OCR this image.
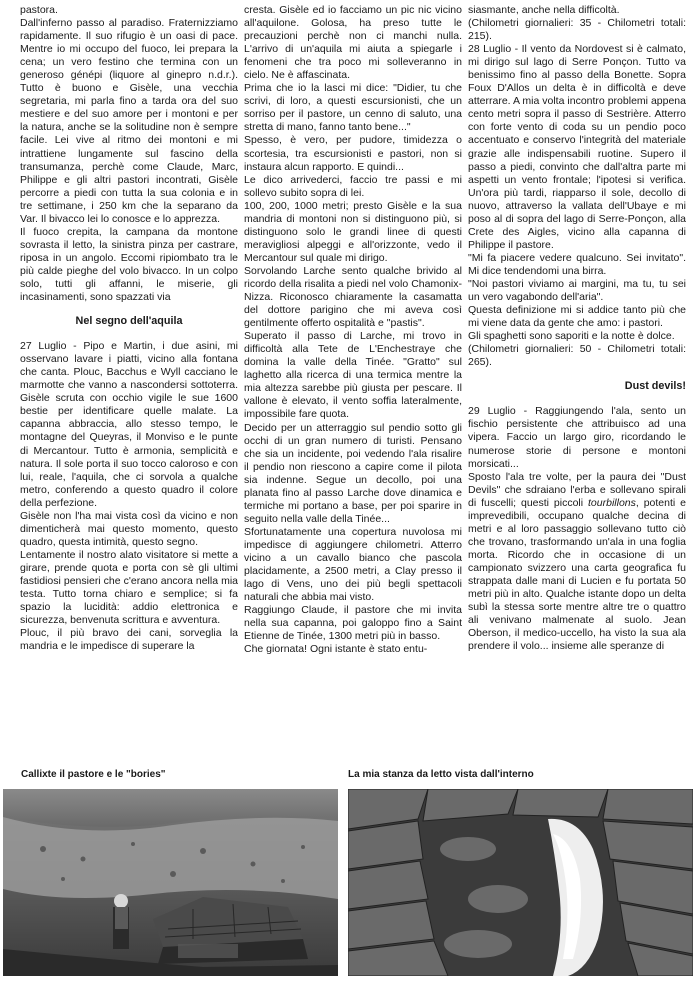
pastora.

Dall'inferno passo al paradiso. Fraternizziamo rapidamente. Il suo rifugio è un oasi di pace. Mentre io mi occupo del fuoco, lei prepara la cena; un vero festino che termina con un generoso génépi (liquore al ginepro n.d.r.). Tutto è buono e Gisèle, una vecchia segretaria, mi parla fino a tarda ora del suo mestiere e del suo amore per i montoni e per la natura, anche se la solitudine non è sempre facile. Lei vive al ritmo dei montoni e mi intrattiene lungamente sul fascino della transumanza, perchè come Claude, Marc, Philippe e gli altri pastori incontrati, Gisèle percorre a piedi con tutta la sua colonia e in tre settimane, i 250 km che la separano da Var. Il bivacco lei lo conosce e lo apprezza.

Il fuoco crepita, la campana da montone sovrasta il letto, la sinistra pinza per castrare, riposa in un angolo. Eccomi ripiombato tra le più calde pieghe del volo bivacco. In un colpo solo, tutti gli affanni, le miserie, gli incasinamenti, sono spazzati via

Nel segno dell'aquila

27 Luglio - Pipo e Martin, i due asini, mi osservano lavare i piatti, vicino alla fontana che canta. Plouc, Bacchus e Wyll cacciano le marmotte che vanno a nascondersi sottoterra. Gisèle scruta con occhio vigile le sue 1600 bestie per identificare quelle malate. La capanna abbraccia, allo stesso tempo, le montagne del Queyras, il Monviso e le punte di Mercantour. Tutto è armonia, semplicità e natura. Il sole porta il suo tocco caloroso e con lui, reale, l'aquila, che ci sorvola a qualche metro, conferendo a questo quadro il colore della perfezione.

Gisèle non l'ha mai vista così da vicino e non dimenticherà mai questo momento, questo quadro, questa intimità, questo segno.

Lentamente il nostro alato visitatore si mette a girare, prende quota e porta con sè gli ultimi fastidiosi pensieri che c'erano ancora nella mia testa. Tutto torna chiaro e semplice; si fa spazio la lucidità: addio elettronica e sicurezza, benvenuta scrittura e avventura.

Plouc, il più bravo dei cani, sorveglia la mandria e le impedisce di superare la

cresta. Gisèle ed io facciamo un pic nic vicino all'aquilone. Golosa, ha preso tutte le precauzioni perchè non ci manchi nulla. L'arrivo di un'aquila mi aiuta a spiegarle i fenomeni che tra poco mi solleveranno in cielo. Ne è affascinata.

Prima che io la lasci mi dice: "Didier, tu che scrivi, di loro, a questi escursionisti, che un sorriso per il pastore, un cenno di saluto, una stretta di mano, fanno tanto bene..."

Spesso, è vero, per pudore, timidezza o scortesia, tra escursionisti e pastori, non si instaura alcun rapporto. E quindi...

Le dico arrivederci, faccio tre passi e mi sollevo subito sopra di lei.

100, 200, 1000 metri; presto Gisèle e la sua mandria di montoni non si distinguono più, si distinguono solo le grandi linee di questi meravigliosi alpeggi e all'orizzonte, vedo il Mercantour sul quale mi dirigo.

Sorvolando Larche sento qualche brivido al ricordo della risalita a piedi nel volo Chamonix-Nizza. Riconosco chiaramente la casamatta del dottore parigino che mi aveva così gentilmente offerto ospitalità e "pastis".

Superato il passo di Larche, mi trovo in difficoltà alla Tete de L'Enchestraye che domina la valle della Tinée. "Gratto" sul laghetto alla ricerca di una termica mentre la mia altezza sarebbe più giusta per pescare. Il vallone è elevato, il vento soffia lateralmente, impossibile fare quota.

Decido per un atterraggio sul pendio sotto gli occhi di un gran numero di turisti. Pensano che sia un incidente, poi vedendo l'ala risalire il pendio non riescono a capire come il pilota sia indenne. Segue un decollo, poi una planata fino al passo Larche dove dinamica e termiche mi portano a base, per poi sparire in seguito nella valle della Tinée...

Sfortunatamente una copertura nuvolosa mi impedisce di aggiungere chilometri. Atterro vicino a un cavallo bianco che pascola placidamente, a 2500 metri, a Clay presso il lago di Vens, uno dei più begli spettacoli naturali che abbia mai visto.

Raggiungo Claude, il pastore che mi invita nella sua capanna, poi galoppo fino a Saint Etienne de Tinée, 1300 metri più in basso.

Che giornata! Ogni istante è stato entu-

siasmante, anche nella difficoltà.

(Chilometri giornalieri: 35 - Chilometri totali: 215).

28 Luglio - Il vento da Nordovest si è calmato, mi dirigo sul lago di Serre Ponçon. Tutto va benissimo fino al passo della Bonette. Sopra Foux D'Allos un delta è in difficoltà e deve atterrare. A mia volta incontro problemi appena cento metri sopra il passo di Sestrière. Atterro con forte vento di coda su un pendio poco accentuato e conservo l'integrità del materiale grazie alle indispensabili ruotine. Supero il passo a piedi, convinto che dall'altra parte mi aspetti un vento frontale; l'ipotesi si verifica. Un'ora più tardi, riapparso il sole, decollo di nuovo, attraverso la vallata dell'Ubaye e mi poso al di sopra del lago di Serre-Ponçon, alla Crete des Aigles, vicino alla capanna di Philippe il pastore.

"Mi fa piacere vedere qualcuno. Sei invitato". Mi dice tendendomi una birra.

"Noi pastori viviamo ai margini, ma tu, tu sei un vero vagabondo dell'aria".

Questa definizione mi si addice tanto più che mi viene data da gente che amo: i pastori.

Gli spaghetti sono saporiti e la notte è dolce.

(Chilometri giornalieri: 50 - Chilometri totali: 265).

Dust devils!

29 Luglio - Raggiungendo l'ala, sento un fischio persistente che attribuisco ad una vipera. Faccio un largo giro, ricordando le numerose storie di persone e montoni morsicati...

Sposto l'ala tre volte, per la paura dei "Dust Devils" che sdraiano l'erba e sollevano spirali di fuscelli; questi piccoli tourbillons, potenti e imprevedibili, occupano qualche decina di metri e al loro passaggio sollevano tutto ciò che trovano, trasformando un'ala in una foglia morta. Ricordo che in occasione di un campionato svizzero una carta geografica fu strappata dalle mani di Lucien e fu portata 50 metri più in alto. Qualche istante dopo un delta subì la stessa sorte mentre altre tre o quattro ali venivano malmenate al suolo. Jean Oberson, il medico-uccello, ha visto la sua ala prendere il volo... insieme alle speranze di

Callixte il pastore e le "bories"	La mia stanza da letto vista dall'interno
